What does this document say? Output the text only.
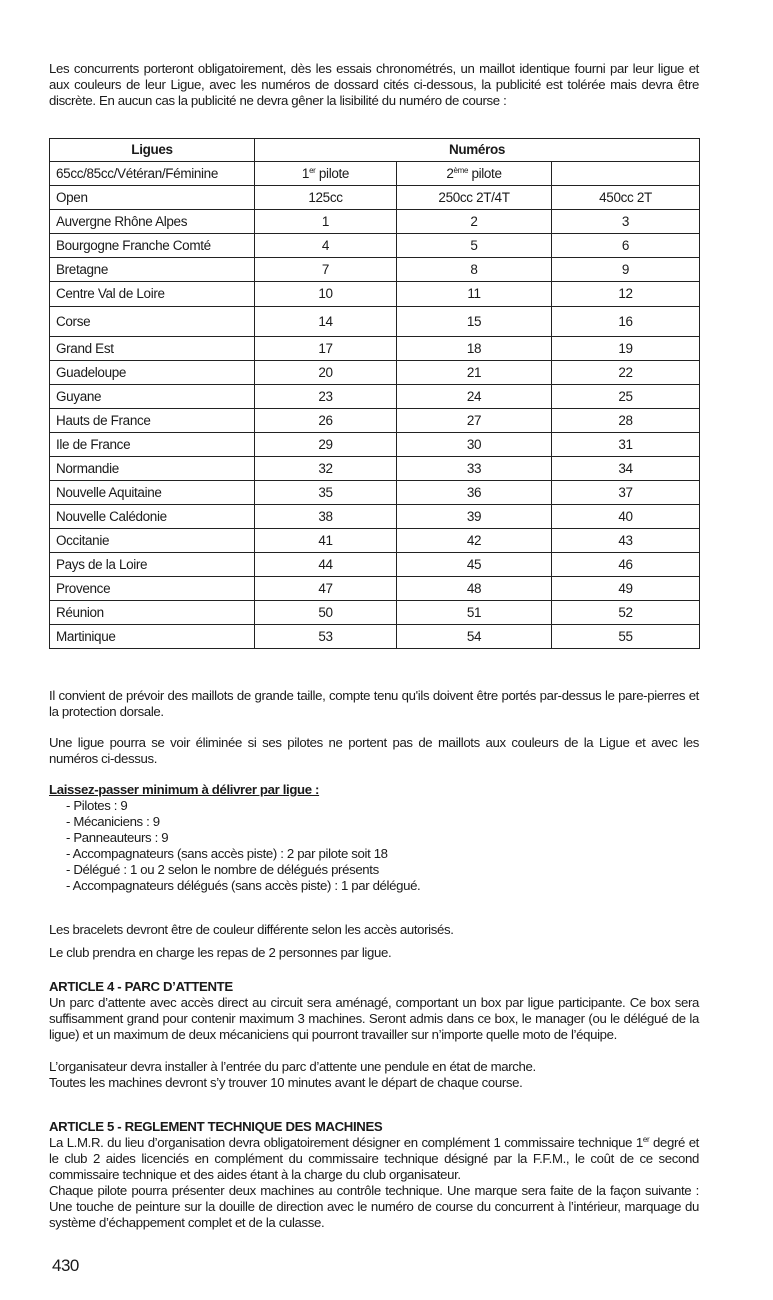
Les concurrents porteront obligatoirement, dès les essais chronométrés, un maillot identique fourni par leur ligue et aux couleurs de leur Ligue, avec les numéros de dossard cités ci-dessous, la publicité est tolérée mais devra être discrète. En aucun cas la publicité ne devra gêner la lisibilité du numéro de course :

Ligues	Numéros		
65cc/85cc/Vétéran/Féminine	1er pilote	2ème pilote	
Open	125cc	250cc 2T/4T	450cc 2T
Auvergne Rhône Alpes	1	2	3
Bourgogne Franche Comté	4	5	6
Bretagne	7	8	9
Centre Val de Loire	10	11	12
Corse	14	15	16
Grand Est	17	18	19
Guadeloupe	20	21	22
Guyane	23	24	25
Hauts de France	26	27	28
Ile de France	29	30	31
Normandie	32	33	34
Nouvelle Aquitaine	35	36	37
Nouvelle Calédonie	38	39	40
Occitanie	41	42	43
Pays de la Loire	44	45	46
Provence	47	48	49
Réunion	50	51	52
Martinique	53	54	55

Il convient de prévoir des maillots de grande taille, compte tenu qu'ils doivent être portés par-dessus le pare-pierres et la protection dorsale.

Une ligue pourra se voir éliminée si ses pilotes ne portent pas de maillots aux couleurs de la Ligue et avec les numéros ci-dessus.

Laissez-passer minimum à délivrer par ligue :
- Pilotes : 9
- Mécaniciens : 9
- Panneauteurs : 9
- Accompagnateurs (sans accès piste) : 2 par pilote soit 18
- Délégué : 1 ou 2 selon le nombre de délégués présents
- Accompagnateurs délégués (sans accès piste) : 1 par délégué.

Les bracelets devront être de couleur différente selon les accès autorisés.

Le club prendra en charge les repas de 2 personnes par ligue.

ARTICLE 4 - PARC D’ATTENTE

Un parc d’attente avec accès direct au circuit sera aménagé, comportant un box par ligue participante. Ce box sera suffisamment grand pour contenir maximum 3 machines. Seront admis dans ce box, le manager (ou le délégué de la ligue) et un maximum de deux mécaniciens qui pourront travailler sur n’importe quelle moto de l’équipe.

L’organisateur devra installer à l’entrée du parc d’attente une pendule en état de marche.

Toutes les machines devront s’y trouver 10 minutes avant le départ de chaque course.

ARTICLE 5 - REGLEMENT TECHNIQUE DES MACHINES

La L.M.R. du lieu d’organisation devra obligatoirement désigner en complément 1 commissaire technique 1er degré et le club 2 aides licenciés en complément du commissaire technique désigné par la F.F.M., le coût de ce second commissaire technique et des aides étant à la charge du club organisateur.

Chaque pilote pourra présenter deux machines au contrôle technique. Une marque sera faite de la façon suivante : Une touche de peinture sur la douille de direction avec le numéro de course du concurrent à l’intérieur, marquage du système d’échappement complet et de la culasse.

430
